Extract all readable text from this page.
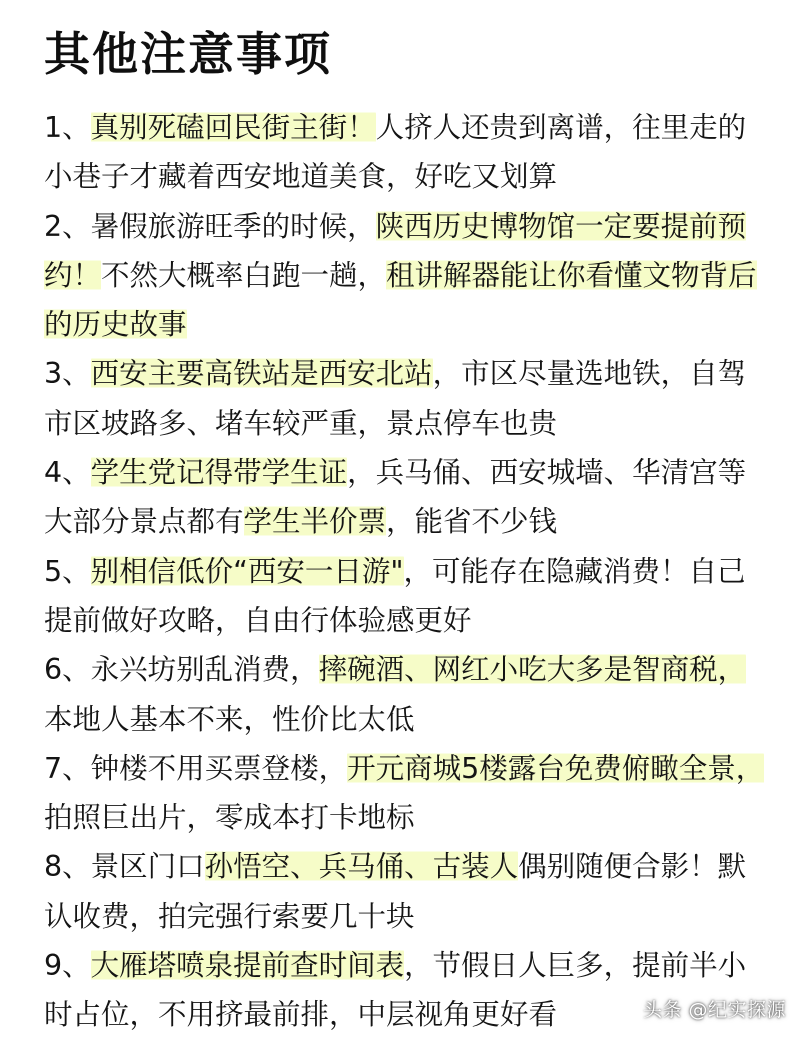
其他注意事项

1、真别死磕回民街主街！人挤人还贵到离谱，往里走的小巷子才藏着西安地道美食，好吃又划算

2、暑假旅游旺季的时候，陕西历史博物馆一定要提前预约！不然大概率白跑一趟，租讲解器能让你看懂文物背后的历史故事

3、西安主要高铁站是西安北站，市区尽量选地铁，自驾市区坡路多、堵车较严重，景点停车也贵

4、学生党记得带学生证，兵马俑、西安城墙、华清宫等大部分景点都有学生半价票，能省不少钱

5、别相信低价“西安一日游"，可能存在隐藏消费！自己提前做好攻略，自由行体验感更好

6、永兴坊别乱消费，摔碗酒、网红小吃大多是智商税，本地人基本不来，性价比太低

7、钟楼不用买票登楼，开元商城5楼露台免费俯瞰全景，拍照巨出片，零成本打卡地标

8、景区门口孙悟空、兵马俑、古装人偶别随便合影！默认收费，拍完强行索要几十块

9、大雁塔喷泉提前查时间表，节假日人巨多，提前半小时占位，不用挤最前排，中层视角更好看	头条 @纪实探源
